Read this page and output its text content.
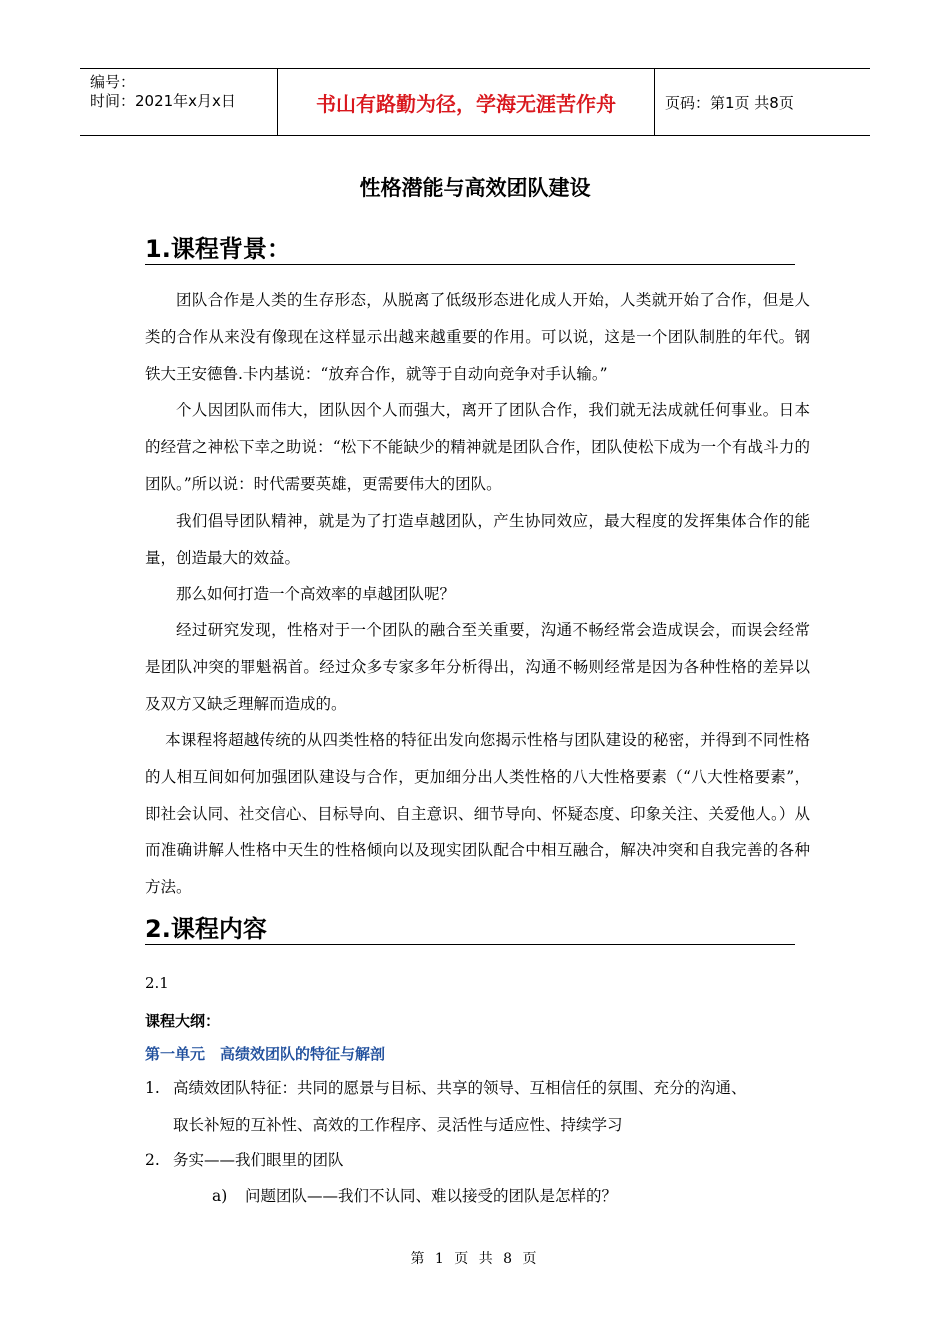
编号：
时间：2021年x月x日	书山有路勤为径，学海无涯苦作舟	页码：第1页 共8页
性格潜能与高效团队建设
1.课程背景：

团队合作是人类的生存形态，从脱离了低级形态进化成人开始，人类就开始了合作，但是人类的合作从来没有像现在这样显示出越来越重要的作用。可以说，这是一个团队制胜的年代。钢铁大王安德鲁.卡内基说：“放弃合作，就等于自动向竞争对手认输。”

个人因团队而伟大，团队因个人而强大，离开了团队合作，我们就无法成就任何事业。日本的经营之神松下幸之助说：“松下不能缺少的精神就是团队合作，团队使松下成为一个有战斗力的团队。”所以说：时代需要英雄，更需要伟大的团队。

我们倡导团队精神，就是为了打造卓越团队，产生协同效应，最大程度的发挥集体合作的能量，创造最大的效益。

那么如何打造一个高效率的卓越团队呢？

经过研究发现，性格对于一个团队的融合至关重要，沟通不畅经常会造成误会，而误会经常是团队冲突的罪魁祸首。经过众多专家多年分析得出，沟通不畅则经常是因为各种性格的差异以及双方又缺乏理解而造成的。

本课程将超越传统的从四类性格的特征出发向您揭示性格与团队建设的秘密，并得到不同性格的人相互间如何加强团队建设与合作，更加细分出人类性格的八大性格要素（“八大性格要素”，即社会认同、社交信心、目标导向、自主意识、细节导向、怀疑态度、印象关注、关爱他人。）从而准确讲解人性格中天生的性格倾向以及现实团队配合中相互融合，解决冲突和自我完善的各种方法。

2.课程内容
2.1
课程大纲：
第一单元　高绩效团队的特征与解剖
1. 高绩效团队特征：共同的愿景与目标、共享的领导、互相信任的氛围、充分的沟通、
取长补短的互补性、高效的工作程序、灵活性与适应性、持续学习
2. 务实——我们眼里的团队
a) 问题团队——我们不认同、难以接受的团队是怎样的？
第 1 页 共 8 页
